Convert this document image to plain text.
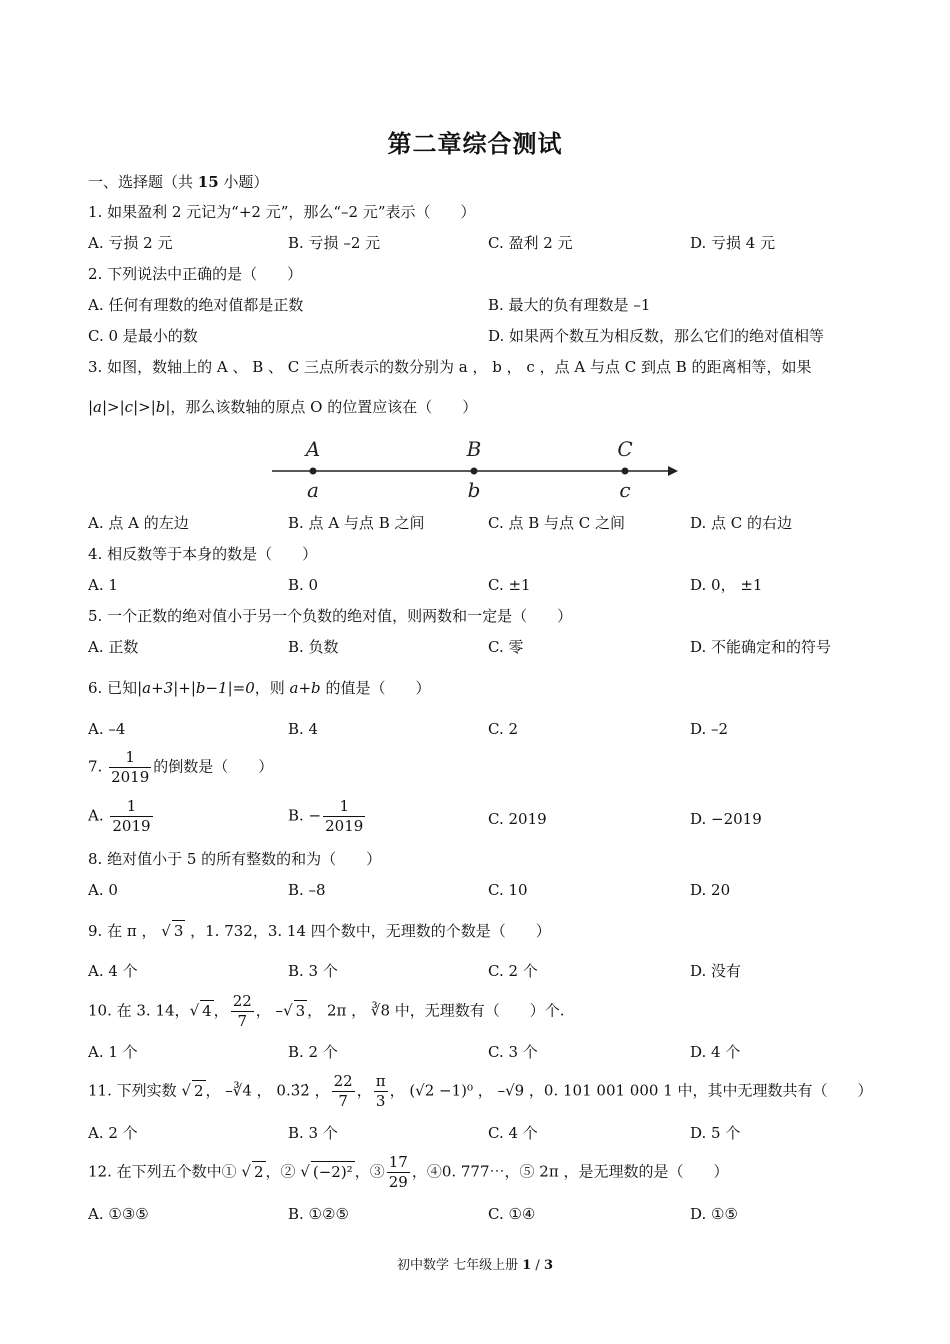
第二章综合测试
一、选择题（共 15 小题）
1. 如果盈利 2 元记为“+2 元”，那么“–2 元”表示（　　）
A. 亏损 2 元	B. 亏损 –2 元	C. 盈利 2 元	D. 亏损 4 元
2. 下列说法中正确的是（　　）
A. 任何有理数的绝对值都是正数	B. 最大的负有理数是 –1
C. 0 是最小的数	D. 如果两个数互为相反数，那么它们的绝对值相等
3. 如图，数轴上的 A 、 B 、 C 三点所表示的数分别为 a ， b ， c ，点 A 与点 C 到点 B 的距离相等，如果
|a|>|c|>|b|，那么该数轴的原点 O 的位置应该在（　　）
A
a
B
b
C
c
A. 点 A 的左边	B. 点 A 与点 B 之间	C. 点 B 与点 C 之间	D. 点 C 的右边
4. 相反数等于本身的数是（　　）
A. 1	B. 0	C. ±1	D. 0， ±1
5. 一个正数的绝对值小于另一个负数的绝对值，则两数和一定是（　　）
A. 正数	B. 负数	C. 零	D. 不能确定和的符号
6. 已知|a+3|+|b−1|=0，则 a+b 的值是（　　）
A. –4	B. 4	C. 2	D. –2
7. $\frac{1}{2019}$ 的倒数是（　　）
A. $\frac{1}{2019}$	B. − $\frac{1}{2019}$	C. 2019	D. −2019
8. 绝对值小于 5 的所有整数的和为（　　）
A. 0	B. –8	C. 10	D. 20
9. 在 π ， √ 3 ，1. 732，3. 14 四个数中，无理数的个数是（　　）
A. 4 个	B. 3 个	C. 2 个	D. 没有
10. 在 3. 14，√ 4 ， $\frac{22}{7}$ ， –√ 3 ， 2π ， ∛8 中，无理数有（　　）个.
A. 1 个	B. 2 个	C. 3 个	D. 4 个
11. 下列实数 √ 2 ， –∛4 ， 0.3̇2̇ ， $\frac{22}{7}$ ， $\frac{\pi}{3}$ ， (√2 −1)⁰ ， –√9 ，0. 101 001 000 1 中，其中无理数共有（　　）
A. 2 个	B. 3 个	C. 4 个	D. 5 个
12. 在下列五个数中① √ 2 ，② √ (−2)² ，③ $\frac{17}{29}$ ，④0. 777⋯，⑤ 2π ，是无理数的是（　　）
A. ①③⑤	B. ①②⑤	C. ①④	D. ①⑤
初中数学 七年级上册 1 / 3
